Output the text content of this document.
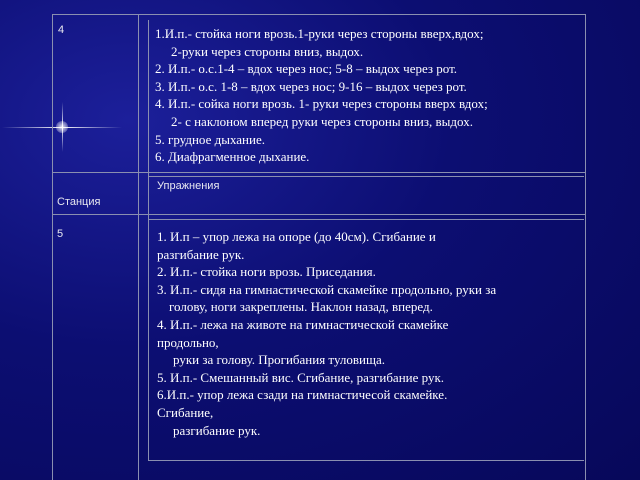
4	1.И.п.- стойка ноги врозь.1-руки через стороны вверх,вдох;
2-руки через стороны вниз, выдох.
2. И.п.- о.с.1-4 – вдох через нос; 5-8 – выдох через рот.
3. И.п.- о.с. 1-8 – вдох через нос; 9-16 – выдох через рот.
4. И.п.- сойка ноги врозь. 1- руки через стороны вверх вдох;
2- с наклоном вперед руки через стороны вниз, выдох.
5. грудное дыхание.
6. Диафрагменное дыхание.
Станция
Упражнения
5	1. И.п – упор лежа на опоре (до 40см). Сгибание и
разгибание рук.
2. И.п.- стойка ноги врозь. Приседания.
3. И.п.- сидя на гимнастической скамейке продольно, руки за
голову, ноги закреплены. Наклон назад, вперед.
4. И.п.- лежа на животе на гимнастической скамейке
продольно,
руки за голову. Прогибания туловища.
5. И.п.- Смешанный вис. Сгибание, разгибание рук.
6.И.п.- упор лежа сзади на гимнастичесой скамейке.
Сгибание,
разгибание рук.
